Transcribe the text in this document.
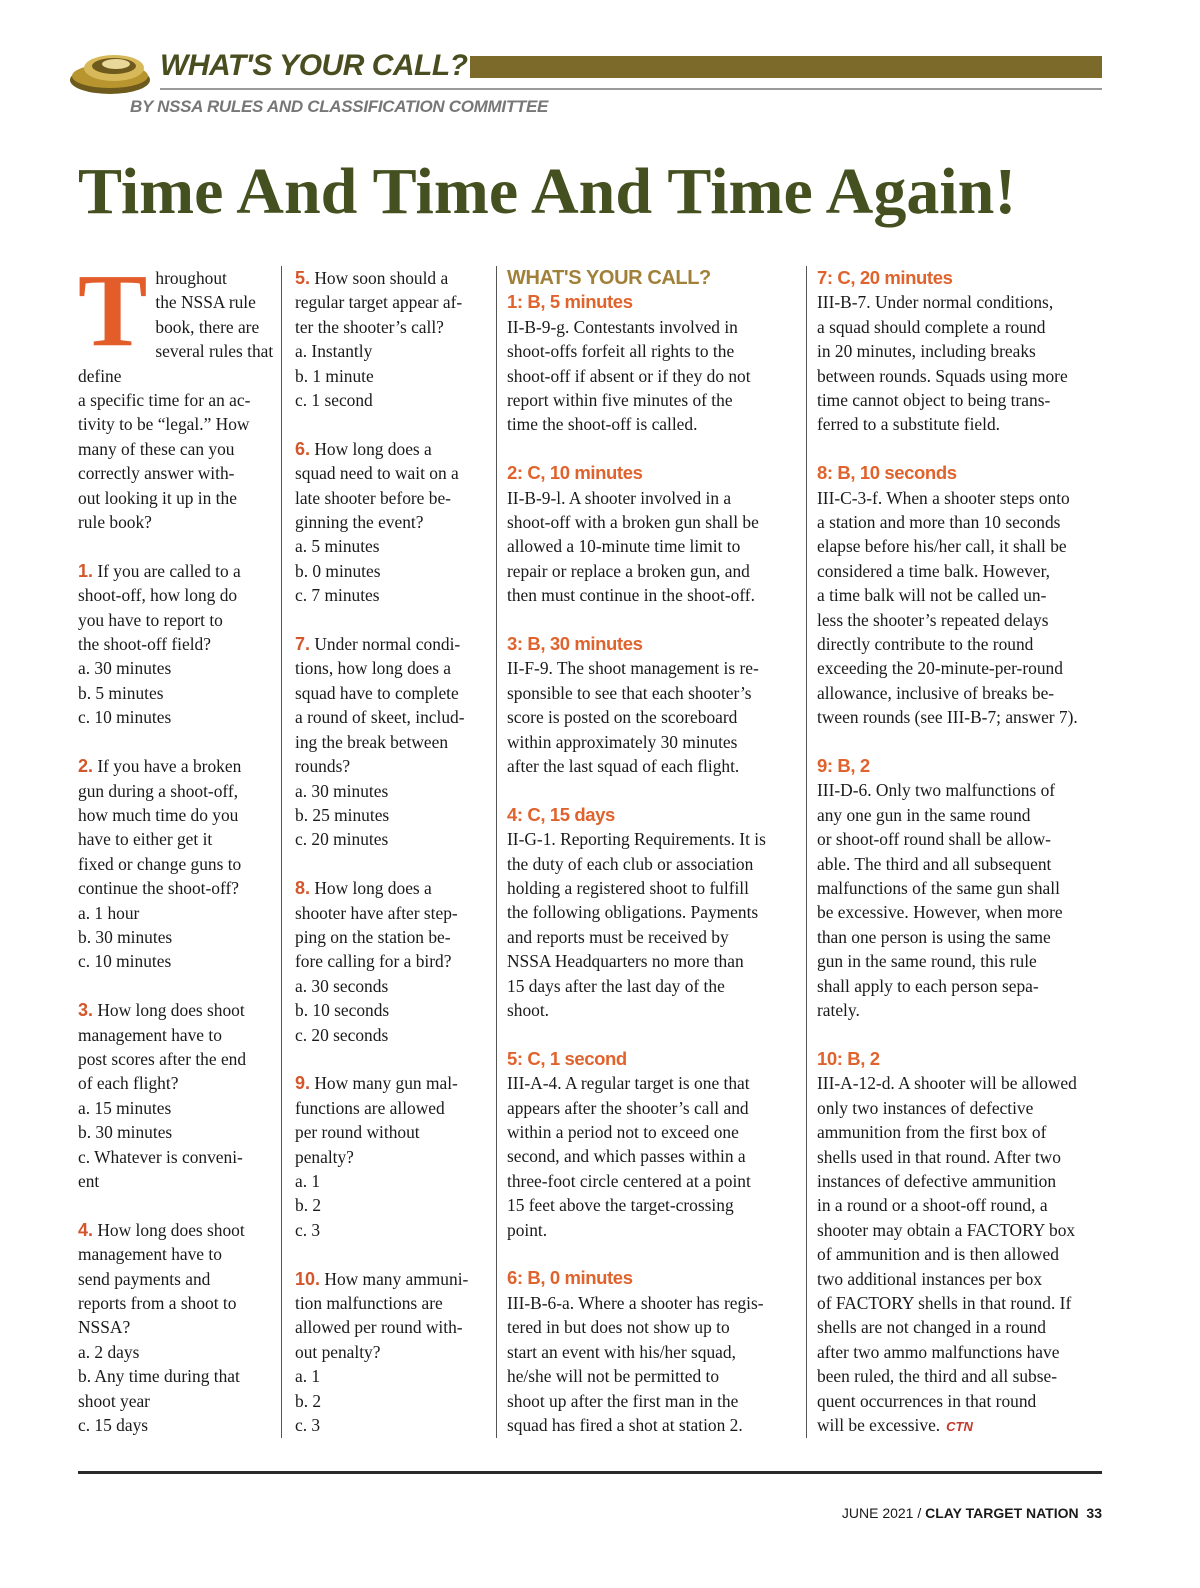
WHAT'S YOUR CALL?
BY NSSA RULES AND CLASSIFICATION COMMITTEE
Time And Time And Time Again!
T hroughout

the NSSA rule

book, there are

several rules that define

a specific time for an ac-

tivity to be “legal.” How

many of these can you

correctly answer with-

out looking it up in the

rule book?

1. If you are called to a

shoot-off, how long do

you have to report to

the shoot-off field?

a. 30 minutes

b. 5 minutes

c. 10 minutes

2. If you have a broken

gun during a shoot-off,

how much time do you

have to either get it

fixed or change guns to

continue the shoot-off?

a. 1 hour

b. 30 minutes

c. 10 minutes

3. How long does shoot

management have to

post scores after the end

of each flight?

a. 15 minutes

b. 30 minutes

c. Whatever is conveni-

ent

4. How long does shoot

management have to

send payments and

reports from a shoot to

NSSA?

a. 2 days

b. Any time during that

shoot year

c. 15 days

5. How soon should a

regular target appear af-

ter the shooter’s call?

a. Instantly

b. 1 minute

c. 1 second

6. How long does a

squad need to wait on a

late shooter before be-

ginning the event?

a. 5 minutes

b. 0 minutes

c. 7 minutes

7. Under normal condi-

tions, how long does a

squad have to complete

a round of skeet, includ-

ing the break between

rounds?

a. 30 minutes

b. 25 minutes

c. 20 minutes

8. How long does a

shooter have after step-

ping on the station be-

fore calling for a bird?

a. 30 seconds

b. 10 seconds

c. 20 seconds

9. How many gun mal-

functions are allowed

per round without

penalty?

a. 1

b. 2

c. 3

10. How many ammuni-

tion malfunctions are

allowed per round with-

out penalty?

a. 1

b. 2

c. 3

WHAT'S YOUR CALL?
1: B, 5 minutes

II-B-9-g. Contestants involved in

shoot-offs forfeit all rights to the

shoot-off if absent or if they do not

report within five minutes of the

time the shoot-off is called.

2: C, 10 minutes

II-B-9-l. A shooter involved in a

shoot-off with a broken gun shall be

allowed a 10-minute time limit to

repair or replace a broken gun, and

then must continue in the shoot-off.

3: B, 30 minutes

II-F-9. The shoot management is re-

sponsible to see that each shooter’s

score is posted on the scoreboard

within approximately 30 minutes

after the last squad of each flight.

4: C, 15 days

II-G-1. Reporting Requirements. It is

the duty of each club or association

holding a registered shoot to fulfill

the following obligations. Payments

and reports must be received by

NSSA Headquarters no more than

15 days after the last day of the

shoot.

5: C, 1 second

III-A-4. A regular target is one that

appears after the shooter’s call and

within a period not to exceed one

second, and which passes within a

three-foot circle centered at a point

15 feet above the target-crossing

point.

6: B, 0 minutes

III-B-6-a. Where a shooter has regis-

tered in but does not show up to

start an event with his/her squad,

he/she will not be permitted to

shoot up after the first man in the

squad has fired a shot at station 2.

7: C, 20 minutes

III-B-7. Under normal conditions,

a squad should complete a round

in 20 minutes, including breaks

between rounds. Squads using more

time cannot object to being trans-

ferred to a substitute field.

8: B, 10 seconds

III-C-3-f. When a shooter steps onto

a station and more than 10 seconds

elapse before his/her call, it shall be

considered a time balk. However,

a time balk will not be called un-

less the shooter’s repeated delays

directly contribute to the round

exceeding the 20-minute-per-round

allowance, inclusive of breaks be-

tween rounds (see III-B-7; answer 7).

9: B, 2

III-D-6. Only two malfunctions of

any one gun in the same round

or shoot-off round shall be allow-

able. The third and all subsequent

malfunctions of the same gun shall

be excessive. However, when more

than one person is using the same

gun in the same round, this rule

shall apply to each person sepa-

rately.

10: B, 2

III-A-12-d. A shooter will be allowed

only two instances of defective

ammunition from the first box of

shells used in that round. After two

instances of defective ammunition

in a round or a shoot-off round, a

shooter may obtain a FACTORY box

of ammunition and is then allowed

two additional instances per box

of FACTORY shells in that round. If

shells are not changed in a round

after two ammo malfunctions have

been ruled, the third and all subse-

quent occurrences in that round

will be excessive. CTN

JUNE 2021 / CLAY TARGET NATION 33
